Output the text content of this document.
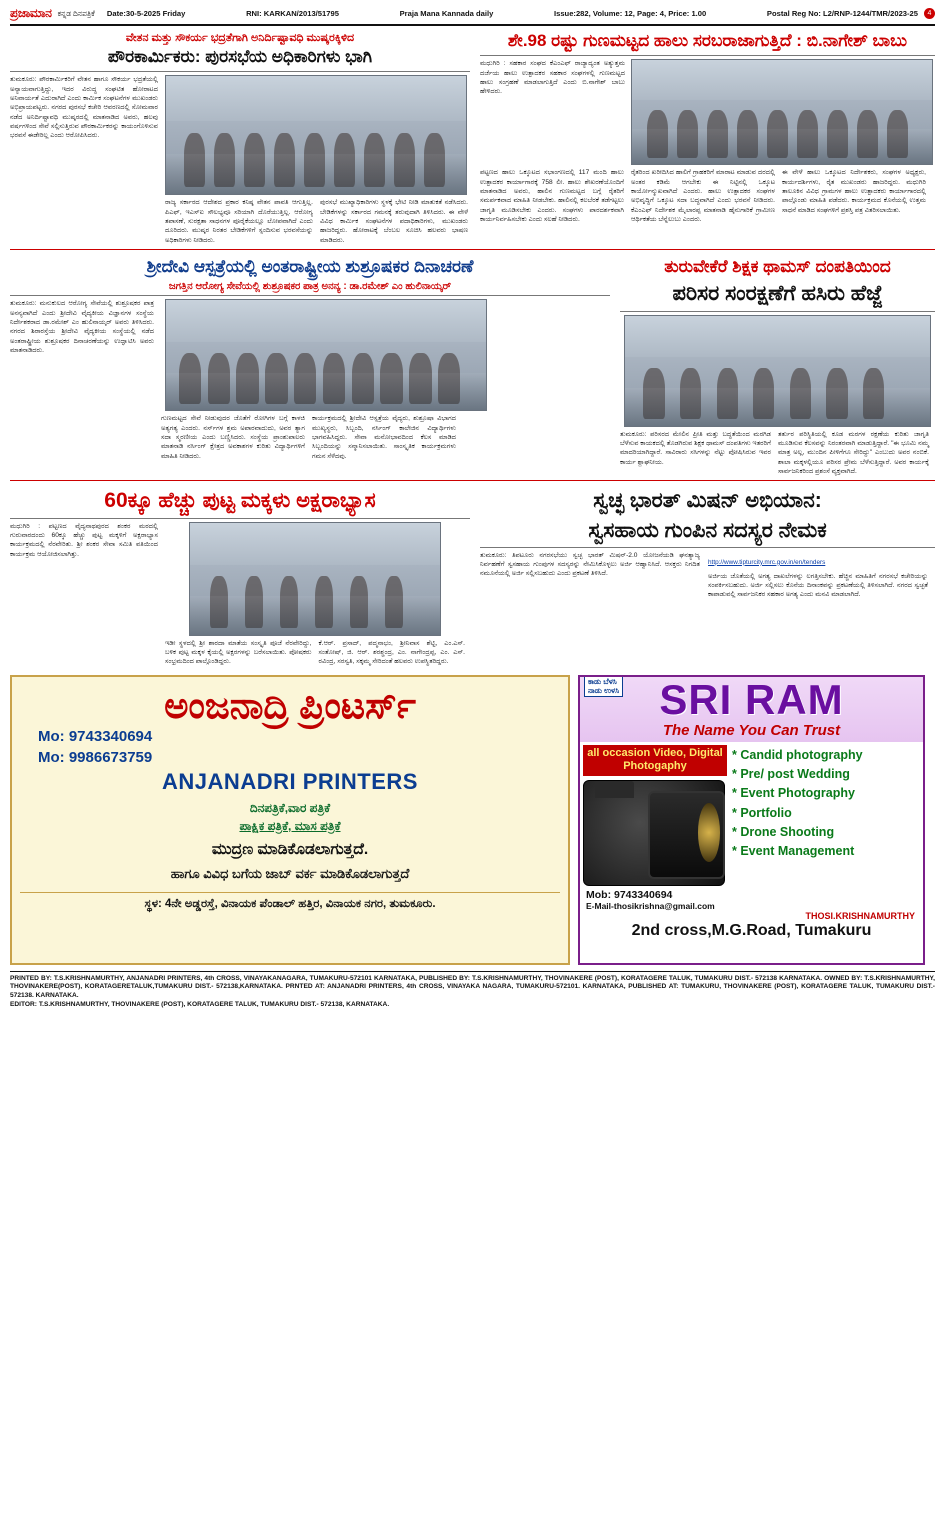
ಪ್ರಜಾಮಾನ ಕನ್ನಡ ದಿನಪತ್ರಿಕೆ Date:30-5-2025 Friday	RNI: KARKAN/2013/51795	Praja Mana Kannada daily	Issue:282, Volume: 12, Page: 4, Price: 1.00	Postal Reg No: L2/RNP-1244/TMR/2023-25	4
ವೇತನ ಮತ್ತು ಸೌಕರ್ಯ ಭದ್ರತೆಗಾಗಿ ಅನಿರ್ದಿಷ್ಟಾವಧಿ ಮುಷ್ಕರಕ್ಕಿಳಿದ
ಪೌರಕಾರ್ಮಿಕರು: ಪುರಸಭೆಯ ಅಧಿಕಾರಿಗಳು ಭಾಗಿ
ತುಮಕೂರು: ಪೌರಕಾರ್ಮಿಕರಿಗೆ ವೇತನ ಹಾಗೂ ಸೌಕರ್ಯ ಭದ್ರತೆಯಲ್ಲಿ ಅನ್ಯಾಯವಾಗುತ್ತಿದ್ದು, ಇದರ ವಿರುದ್ಧ ಸಂಘಟಿತ ಹೋರಾಟದ ಅನಿವಾರ್ಯತೆ ಎದುರಾಗಿದೆ ಎಂದು ಕಾರ್ಮಿಕ ಸಂಘಟನೆಗಳ ಮುಖಂಡರು ಅಭಿಪ್ರಾಯಪಟ್ಟರು. ನಗರದ ಪುರಸಭೆ ಕಚೇರಿ ಆವರಣದಲ್ಲಿ ಸೋಮವಾರ ನಡೆದ ಅನಿರ್ದಿಷ್ಟಾವಧಿ ಮುಷ್ಕರದಲ್ಲಿ ಮಾತನಾಡಿದ ಅವರು, ಹಲವು ವರ್ಷಗಳಿಂದ ಸೇವೆ ಸಲ್ಲಿಸುತ್ತಿರುವ ಪೌರಕಾರ್ಮಿಕರನ್ನು ಕಾಯಂಗೊಳಿಸುವ ಭರವಸೆ ಈಡೇರಿಲ್ಲ ಎಂದು ಆರೋಪಿಸಿದರು.
ರಾಜ್ಯ ಸರ್ಕಾರದ ಆದೇಶದ ಪ್ರಕಾರ ಕನಿಷ್ಠ ವೇತನ ಪಾವತಿ ಆಗುತ್ತಿಲ್ಲ. ಪಿಎಫ್, ಇಎಸ್‌ಐ ಸೌಲಭ್ಯವೂ ಸರಿಯಾಗಿ ದೊರೆಯುತ್ತಿಲ್ಲ. ಆರೋಗ್ಯ ತಪಾಸಣೆ, ಸುರಕ್ಷತಾ ಸಾಧನಗಳ ಪೂರೈಕೆಯಲ್ಲೂ ಲೋಪವಾಗಿದೆ ಎಂದು ದೂರಿದರು. ಮುಷ್ಕರ ನಿರತರ ಬೇಡಿಕೆಗಳಿಗೆ ಸ್ಪಂದಿಸುವ ಭರವಸೆಯನ್ನು ಅಧಿಕಾರಿಗಳು ನೀಡಿದರು.
ಪುರಸಭೆ ಮುಖ್ಯಾಧಿಕಾರಿಗಳು ಸ್ಥಳಕ್ಕೆ ಭೇಟಿ ನೀಡಿ ಮಾತುಕತೆ ನಡೆಸಿದರು. ಬೇಡಿಕೆಗಳನ್ನು ಸರ್ಕಾರದ ಗಮನಕ್ಕೆ ತರುವುದಾಗಿ ತಿಳಿಸಿದರು. ಈ ವೇಳೆ ವಿವಿಧ ಕಾರ್ಮಿಕ ಸಂಘಟನೆಗಳ ಪದಾಧಿಕಾರಿಗಳು, ಮುಖಂಡರು ಹಾಜರಿದ್ದರು. ಹೋರಾಟಕ್ಕೆ ಬೆಂಬಲ ಸೂಚಿಸಿ ಹಲವರು ಭಾಷಣ ಮಾಡಿದರು.
ಶೇ.98 ರಷ್ಟು ಗುಣಮಟ್ಟದ ಹಾಲು ಸರಬರಾಜಾಗುತ್ತಿದೆ : ಬಿ.ನಾಗೇಶ್ ಬಾಬು
ಮಧುಗಿರಿ : ಸಹಕಾರ ಸಂಘದ ಕೆಎಂಎಫ್ ರಾಜ್ಯಾದ್ಯಂತ ಅತ್ಯುತ್ತಮ ದರ್ಜೆಯ ಹಾಲು ಉತ್ಪಾದಕರ ಸಹಕಾರ ಸಂಘಗಳಲ್ಲಿ ಗುಣಮಟ್ಟದ ಹಾಲು ಸಂಗ್ರಹಣೆ ಮಾಡಲಾಗುತ್ತಿದೆ ಎಂದು ಬಿ.ನಾಗೇಶ್ ಬಾಬು ಹೇಳಿದರು.
ಪಟ್ಟಣದ ಹಾಲು ಒಕ್ಕೂಟದ ಸಭಾಂಗಣದಲ್ಲಿ 117 ಮಂದಿ ಹಾಲು ಉತ್ಪಾದಕರ ಕಾರ್ಯಾಗಾರಕ್ಕೆ 758 ಲೀ. ಹಾಲು ಶೇಖರಣೆಯೊಂದಿಗೆ ಮಾತನಾಡಿದ ಅವರು, ಹಾಲಿನ ಗುಣಮಟ್ಟದ ಬಗ್ಗೆ ರೈತರಿಗೆ ಸಮರ್ಪಕವಾದ ಮಾಹಿತಿ ನೀಡಬೇಕು. ಹಾಲಿನಲ್ಲಿ ಕಲಬೆರಕೆ ತಡೆಗಟ್ಟಲು ಜಾಗೃತಿ ಮೂಡಿಸಬೇಕು ಎಂದರು. ಸಂಘಗಳು ಪಾರದರ್ಶಕವಾಗಿ ಕಾರ್ಯನಿರ್ವಹಿಸಬೇಕು ಎಂದು ಸಲಹೆ ನೀಡಿದರು.
ರೈತರಿಂದ ಖರೀದಿಸಿದ ಹಾಲಿಗೆ ಗ್ರಾಹಕರಿಗೆ ಮಾರಾಟ ಮಾಡುವ ದರದಲ್ಲಿ ಅಂತರ ಕಡಿಮೆ ಆಗಬೇಕು ಈ ನಿಟ್ಟಿನಲ್ಲಿ ಒಕ್ಕೂಟ ಕಾರ್ಯೋನ್ಮುಖವಾಗಿದೆ ಎಂದರು. ಹಾಲು ಉತ್ಪಾದಕರ ಸಂಘಗಳ ಅಭಿವೃದ್ಧಿಗೆ ಒಕ್ಕೂಟ ಸದಾ ಬದ್ಧವಾಗಿದೆ ಎಂದು ಭರವಸೆ ನೀಡಿದರು. ಕೆಎಂಎಫ್ ನಿರ್ದೇಶಕ ಮೈಲಾರಪ್ಪ ಮಾತನಾಡಿ ಹೈನುಗಾರಿಕೆ ಗ್ರಾಮೀಣ ಆರ್ಥಿಕತೆಯ ಬೆನ್ನೆಲುಬು ಎಂದರು.
ಈ ವೇಳೆ ಹಾಲು ಒಕ್ಕೂಟದ ನಿರ್ದೇಶಕರು, ಸಂಘಗಳ ಅಧ್ಯಕ್ಷರು, ಕಾರ್ಯದರ್ಶಿಗಳು, ರೈತ ಮುಖಂಡರು ಹಾಜರಿದ್ದರು. ಮಧುಗಿರಿ ತಾಲೂಕಿನ ವಿವಿಧ ಗ್ರಾಮಗಳ ಹಾಲು ಉತ್ಪಾದಕರು ಕಾರ್ಯಾಗಾರದಲ್ಲಿ ಪಾಲ್ಗೊಂಡು ಮಾಹಿತಿ ಪಡೆದರು. ಕಾರ್ಯಕ್ರಮದ ಕೊನೆಯಲ್ಲಿ ಉತ್ತಮ ಸಾಧನೆ ಮಾಡಿದ ಸಂಘಗಳಿಗೆ ಪ್ರಶಸ್ತಿ ಪತ್ರ ವಿತರಿಸಲಾಯಿತು.
ಶ್ರೀದೇವಿ ಆಸ್ಪತ್ರೆಯಲ್ಲಿ ಅಂತರಾಷ್ಟ್ರೀಯ ಶುಶ್ರೂಷಕರ ದಿನಾಚರಣೆ
ಜಗತ್ತಿನ ಆರೋಗ್ಯ ಸೇವೆಯಲ್ಲಿ ಶುಶ್ರೂಷಕರ ಪಾತ್ರ ಅನನ್ಯ : ಡಾ.ರಮೇಶ್ ಎಂ ಹುಲಿನಾಯ್ಕರ್
ತುಮಕೂರು: ಮನುಕುಲದ ಆರೋಗ್ಯ ಸೇವೆಯಲ್ಲಿ ಶುಶ್ರೂಷಕರ ಪಾತ್ರ ಅನನ್ಯವಾಗಿದೆ ಎಂದು ಶ್ರೀದೇವಿ ವೈದ್ಯಕೀಯ ವಿಜ್ಞಾನಗಳ ಸಂಸ್ಥೆಯ ನಿರ್ದೇಶಕರಾದ ಡಾ.ರಮೇಶ್ ಎಂ ಹುಲಿನಾಯ್ಕರ್ ಅವರು ತಿಳಿಸಿದರು. ನಗರದ ಶಿರಾರಸ್ತೆಯ ಶ್ರೀದೇವಿ ವೈದ್ಯಕೀಯ ಸಂಸ್ಥೆಯಲ್ಲಿ ನಡೆದ ಅಂತರಾಷ್ಟ್ರೀಯ ಶುಶ್ರೂಷಕರ ದಿನಾಚರಣೆಯನ್ನು ಉದ್ಘಾಟಿಸಿ ಅವರು ಮಾತನಾಡಿದರು.
ಗುಣಮಟ್ಟದ ಸೇವೆ ನೀಡುವುದರ ಜೊತೆಗೆ ರೋಗಿಗಳ ಬಗ್ಗೆ ಕಾಳಜಿ ಅತ್ಯಗತ್ಯ ಎಂದರು. ನರ್ಸ್‌ಗಳ ಶ್ರಮ ಅಪಾರವಾದುದು, ಅವರ ತ್ಯಾಗ ಸದಾ ಸ್ಮರಣೀಯ ಎಂದು ಬಣ್ಣಿಸಿದರು. ಸಂಸ್ಥೆಯ ಪ್ರಾಂಶುಪಾಲರು ಮಾತನಾಡಿ ನರ್ಸಿಂಗ್ ಕ್ಷೇತ್ರದ ಅವಕಾಶಗಳ ಕುರಿತು ವಿದ್ಯಾರ್ಥಿಗಳಿಗೆ ಮಾಹಿತಿ ನೀಡಿದರು.
ಕಾರ್ಯಕ್ರಮದಲ್ಲಿ ಶ್ರೀದೇವಿ ಆಸ್ಪತ್ರೆಯ ವೈದ್ಯರು, ಶುಶ್ರೂಷಾ ವಿಭಾಗದ ಮುಖ್ಯಸ್ಥರು, ಸಿಬ್ಬಂದಿ, ನರ್ಸಿಂಗ್ ಕಾಲೇಜಿನ ವಿದ್ಯಾರ್ಥಿಗಳು ಭಾಗವಹಿಸಿದ್ದರು. ಸೇವಾ ಮನೋಭಾವದಿಂದ ಕೆಲಸ ಮಾಡಿದ ಸಿಬ್ಬಂದಿಯನ್ನು ಸನ್ಮಾನಿಸಲಾಯಿತು. ಸಾಂಸ್ಕೃತಿಕ ಕಾರ್ಯಕ್ರಮಗಳು ಗಮನ ಸೆಳೆದವು.
ತುರುವೇಕೆರೆ ಶಿಕ್ಷಕ ಥಾಮಸ್ ದಂಪತಿಯಿಂದ
ಪರಿಸರ ಸಂರಕ್ಷಣೆಗೆ ಹಸಿರು ಹೆಜ್ಜೆ
ತುಮಕೂರು: ಪರಿಸರದ ಮೇಲಿನ ಪ್ರೀತಿ ಮತ್ತು ಬದ್ಧತೆಯಿಂದ ಮರಗಿಡ ಬೆಳೆಸುವ ಕಾಯಕದಲ್ಲಿ ತೊಡಗಿರುವ ಶಿಕ್ಷಕ ಥಾಮಸ್ ದಂಪತಿಗಳು ಇತರರಿಗೆ ಮಾದರಿಯಾಗಿದ್ದಾರೆ. ಸಾವಿರಾರು ಸಸಿಗಳನ್ನು ನೆಟ್ಟು ಪೋಷಿಸಿರುವ ಇವರ ಕಾರ್ಯ ಶ್ಲಾಘನೀಯ.
ತರ್ತುರ ಪರಿಸ್ಥಿತಿಯಲ್ಲಿ ಕೂಡ ಮರಗಳ ರಕ್ಷಣೆಯ ಕುರಿತು ಜಾಗೃತಿ ಮೂಡಿಸುವ ಕೆಲಸವನ್ನು ನಿರಂತರವಾಗಿ ಮಾಡುತ್ತಿದ್ದಾರೆ. "ಈ ಭೂಮಿ ನಮ್ಮ ಮಾತ್ರ ಅಲ್ಲ, ಮುಂದಿನ ಪೀಳಿಗೆಗೂ ಸೇರಿದ್ದು" ಎಂಬುದು ಅವರ ನಂಬಿಕೆ. ಶಾಲಾ ಮಕ್ಕಳಲ್ಲಿಯೂ ಪರಿಸರ ಪ್ರೇಮ ಬೆಳೆಸುತ್ತಿದ್ದಾರೆ. ಅವರ ಕಾರ್ಯಕ್ಕೆ ಸಾರ್ವಜನಿಕರಿಂದ ಪ್ರಶಂಸೆ ವ್ಯಕ್ತವಾಗಿದೆ.
60ಕ್ಕೂ ಹೆಚ್ಚು ಪುಟ್ಟ ಮಕ್ಕಳು ಅಕ್ಷರಾಭ್ಯಾಸ
ಮಧುಗಿರಿ : ಪಟ್ಟಣದ ವೈದ್ಯನಾಥಪುರದ ಶಂಕರ ಮಠದಲ್ಲಿ ಗುರುವಾರದಂದು 60ಕ್ಕೂ ಹೆಚ್ಚು ಪುಟ್ಟ ಮಕ್ಕಳಿಗೆ ಅಕ್ಷರಾಭ್ಯಾಸ ಕಾರ್ಯಕ್ರಮದಲ್ಲಿ ನೆರವೇರಿತು. ಶ್ರೀ ಶಂಕರ ಸೇವಾ ಸಮಿತಿ ವತಿಯಿಂದ ಕಾರ್ಯಕ್ರಮ ಆಯೋಜಿಸಲಾಗಿತ್ತು.
ಇಡೀ ಸ್ಥಳದಲ್ಲಿ ಶ್ರೀ ಶಾರದಾ ಮಾತೆಯ ಸಂಸ್ಕೃತಿ ಪೂಜೆ ನೆರವೇರಿದ್ದು, ಬಳಿಕ ಪುಟ್ಟ ಮಕ್ಕಳ ಕೈಯಲ್ಲಿ ಅಕ್ಷರಗಳನ್ನು ಬರೆಸಲಾಯಿತು. ಪೋಷಕರು ಸಂಭ್ರಮದಿಂದ ಪಾಲ್ಗೊಂಡಿದ್ದರು.
ಕೆ.ಆರ್. ಪ್ರಸಾದ್, ಪದ್ಮನಾಭಂ, ಶ್ರೀನಿವಾಸ ಶೆಟ್ಟಿ, ಎಂ.ಎಸ್. ಸಂತೋಷ್, ಜಿ. ಆರ್. ಶರಶ್ಚಂದ್ರ, ಎಂ. ನಾಗೇಂದ್ರಪ್ಪ, ಎಂ. ಎಸ್. ರವಿಂದ್ರ, ಸರಸ್ವತಿ, ಸಕ್ಕಮ್ಮ ಸೇರಿದಂತೆ ಹಲವರು ಉಪಸ್ಥಿತರಿದ್ದರು.
ಸ್ವಚ್ಛ ಭಾರತ್ ಮಿಷನ್ ಅಭಿಯಾನ:
ಸ್ವಸಹಾಯ ಗುಂಪಿನ ಸದಸ್ಯರ ನೇಮಕ
ತುಮಕೂರು: ತಿಪಟೂರು ನಗರಸಭೆಯು ಸ್ವಚ್ಛ ಭಾರತ್ ಮಿಷನ್-2.0 ಯೋಜನೆಯಡಿ ಘನತ್ಯಾಜ್ಯ ನಿರ್ವಹಣೆಗೆ ಸ್ವಸಹಾಯ ಗುಂಪುಗಳ ಸದಸ್ಯರನ್ನು ನೇಮಿಸಿಕೊಳ್ಳಲು ಅರ್ಜಿ ಆಹ್ವಾನಿಸಿದೆ. ಆಸಕ್ತರು ನಿಗದಿತ ನಮೂನೆಯಲ್ಲಿ ಅರ್ಜಿ ಸಲ್ಲಿಸಬಹುದು ಎಂದು ಪ್ರಕಟಣೆ ತಿಳಿಸಿದೆ.
http://www.tipturcity.mrc.gov.in/en/tenders
ಅರ್ಜಿಯ ಜೊತೆಯಲ್ಲಿ ಅಗತ್ಯ ದಾಖಲೆಗಳನ್ನು ಲಗತ್ತಿಸಬೇಕು. ಹೆಚ್ಚಿನ ಮಾಹಿತಿಗೆ ನಗರಸಭೆ ಕಚೇರಿಯನ್ನು ಸಂಪರ್ಕಿಸಬಹುದು. ಅರ್ಜಿ ಸಲ್ಲಿಸಲು ಕೊನೆಯ ದಿನಾಂಕವನ್ನು ಪ್ರಕಟಣೆಯಲ್ಲಿ ತಿಳಿಸಲಾಗಿದೆ. ನಗರದ ಸ್ವಚ್ಛತೆ ಕಾಪಾಡುವಲ್ಲಿ ಸಾರ್ವಜನಿಕರ ಸಹಕಾರ ಅಗತ್ಯ ಎಂದು ಮನವಿ ಮಾಡಲಾಗಿದೆ.
ಅಂಜನಾದ್ರಿ ಪ್ರಿಂಟರ್ಸ್
Mo: 9743340694
Mo: 9986673759
ANJANADRI PRINTERS
ದಿನಪತ್ರಿಕೆ,ವಾರ ಪತ್ರಿಕೆ
ಪಾಕ್ಷಿಕ ಪತ್ರಿಕೆ, ಮಾಸ ಪತ್ರಿಕೆ
ಮುದ್ರಣ ಮಾಡಿಕೊಡಲಾಗುತ್ತದೆ.
ಹಾಗೂ ವಿವಿಧ ಬಗೆಯ ಜಾಬ್ ವರ್ಕ ಮಾಡಿಕೊಡಲಾಗುತ್ತದೆ
ಸ್ಥಳ: 4ನೇ ಅಡ್ಡರಸ್ತೆ, ವಿನಾಯಕ ಪೆಂಡಾಲ್ ಹತ್ತಿರ, ವಿನಾಯಕ ನಗರ, ತುಮಕೂರು.
ಕಾಡು ಬೆಳಸಿ
ನಾಡು ಉಳಸಿ SRI RAM
The Name You Can Trust
all occasion Video, Digital Photogaphy
* Candid photography
* Pre/ post Wedding
* Event Photography
* Portfolio
* Drone Shooting
* Event Management
Mob: 9743340694
E-Mail-thosikrishna@gmail.com
THOSI.KRISHNAMURTHY
2nd cross,M.G.Road, Tumakuru
PRINTED BY: T.S.KRISHNAMURTHY, ANJANADRI PRINTERS, 4th CROSS, VINAYAKANAGARA, TUMAKURU-572101 KARNATAKA, PUBLISHED BY: T.S.KRISHNAMURTHY, THOVINAKERE (POST), KORATAGERE TALUK, TUMAKURU DIST.- 572138 KARNATAKA. OWNED BY: T.S.KRISHNAMURTHY, THOVINAKERE(POST), KORATAGERETALUK,TUMAKURU DIST.- 572138,KARNATAKA. PRNTED AT: ANJANADRI PRINTERS, 4th CROSS, VINAYAKA NAGARA, TUMAKURU-572101. KARNATAKA, PUBLISHED AT: TUMAKURU, THOVINAKERE (POST), KORATAGERE TALUK, TUMAKURU DIST.- 572138. KARNATAKA.
EDITOR: T.S.KRISHNAMURTHY, THOVINAKERE (POST), KORATAGERE TALUK, TUMAKURU DIST.- 572138, KARNATAKA.
